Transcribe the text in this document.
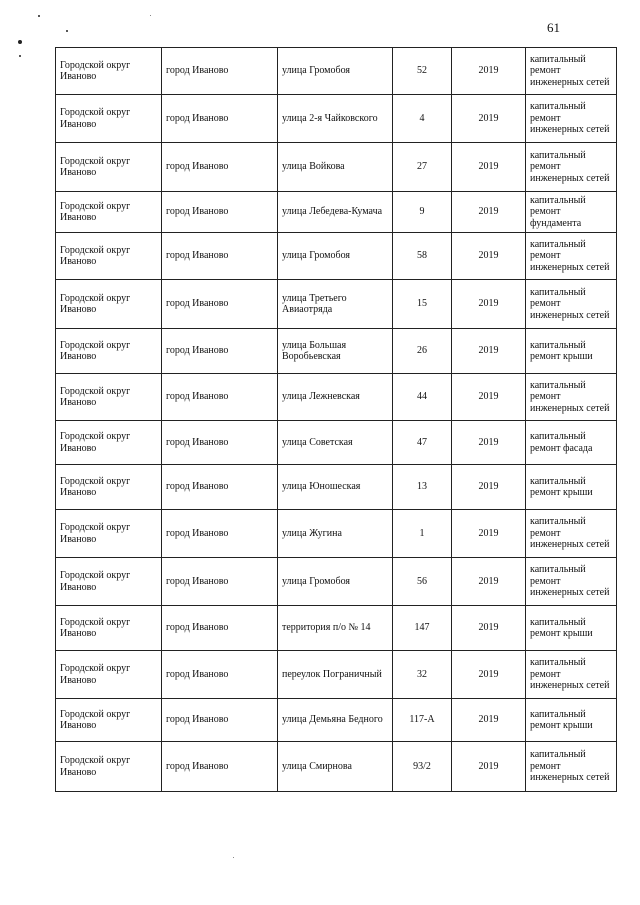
61
Городской округ Иваново	город Иваново	улица Громобоя	52	2019	капитальный ремонт инженерных сетей
Городской округ Иваново	город Иваново	улица 2-я Чайковского	4	2019	капитальный ремонт инженерных сетей
Городской округ Иваново	город Иваново	улица Войкова	27	2019	капитальный ремонт инженерных сетей
Городской округ Иваново	город Иваново	улица Лебедева-Кумача	9	2019	капитальный ремонт фундамента
Городской округ Иваново	город Иваново	улица Громобоя	58	2019	капитальный ремонт инженерных сетей
Городской округ Иваново	город Иваново	улица Третьего Авиаотряда	15	2019	капитальный ремонт инженерных сетей
Городской округ Иваново	город Иваново	улица Большая Воробьевская	26	2019	капитальный ремонт крыши
Городской округ Иваново	город Иваново	улица Лежневская	44	2019	капитальный ремонт инженерных сетей
Городской округ Иваново	город Иваново	улица Советская	47	2019	капитальный ремонт фасада
Городской округ Иваново	город Иваново	улица Юношеская	13	2019	капитальный ремонт крыши
Городской округ Иваново	город Иваново	улица Жугина	1	2019	капитальный ремонт инженерных сетей
Городской округ Иваново	город Иваново	улица Громобоя	56	2019	капитальный ремонт инженерных сетей
Городской округ Иваново	город Иваново	территория п/о № 14	147	2019	капитальный ремонт крыши
Городской округ Иваново	город Иваново	переулок Пограничный	32	2019	капитальный ремонт инженерных сетей
Городской округ Иваново	город Иваново	улица Демьяна Бедного	117-А	2019	капитальный ремонт крыши
Городской округ Иваново	город Иваново	улица Смирнова	93/2	2019	капитальный ремонт инженерных сетей
